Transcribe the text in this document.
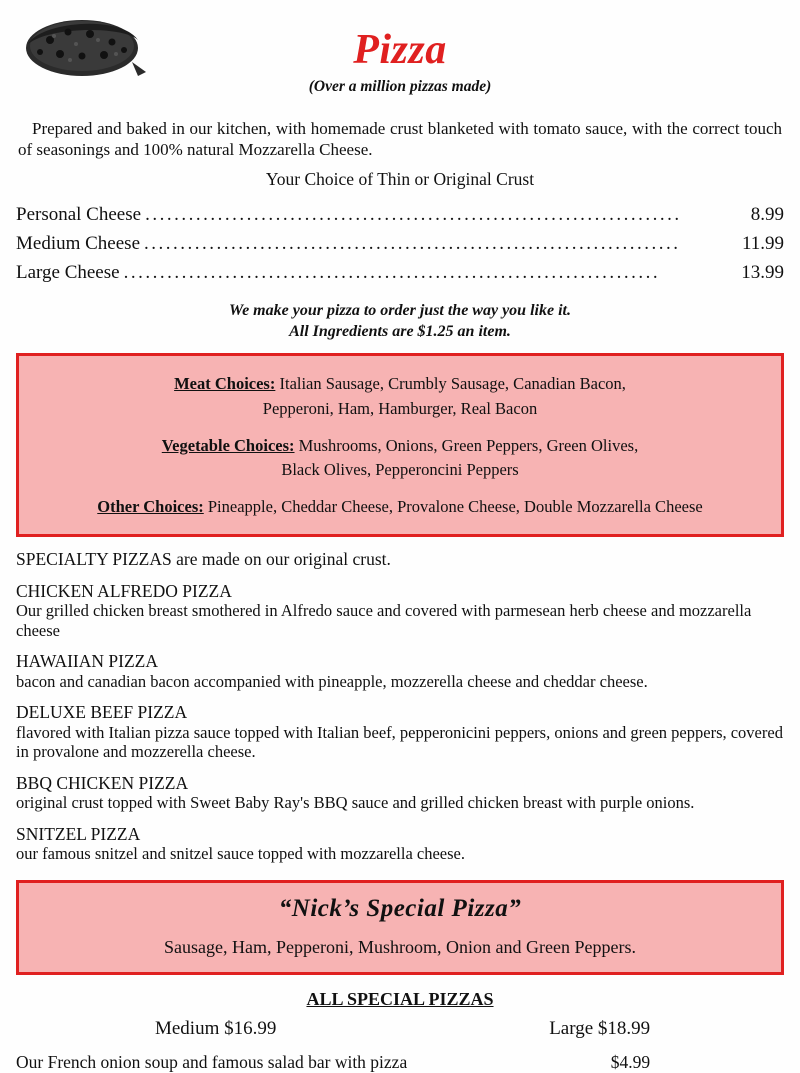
Pizza
(Over a million pizzas made)
Prepared and baked in our kitchen, with homemade crust blanketed with tomato sauce, with the correct touch of seasonings and 100% natural Mozzarella Cheese.
Your Choice of Thin or Original Crust
Personal Cheese ..........................................................................	8.99
Medium Cheese ..........................................................................	11.99
Large Cheese ..........................................................................	13.99
We make your pizza to order just the way you like it.
All Ingredients are $1.25 an item.
Meat Choices: Italian Sausage, Crumbly Sausage, Canadian Bacon,
Pepperoni, Ham, Hamburger, Real Bacon
Vegetable Choices: Mushrooms, Onions, Green Peppers, Green Olives,
Black Olives, Pepperoncini Peppers
Other Choices: Pineapple, Cheddar Cheese, Provalone Cheese, Double Mozzarella Cheese
SPECIALTY PIZZAS are made on our original crust.
CHICKEN ALFREDO PIZZA
Our grilled chicken breast smothered in Alfredo sauce and covered with parmesean herb cheese and mozzarella cheese
HAWAIIAN PIZZA
bacon and canadian bacon accompanied with pineapple, mozzerella cheese and cheddar cheese.
DELUXE BEEF PIZZA
flavored with Italian pizza sauce topped with Italian beef, pepperonicini peppers, onions and green peppers, covered in provalone and mozzerella cheese.
BBQ CHICKEN PIZZA
original crust topped with Sweet Baby Ray's BBQ sauce and grilled chicken breast with purple onions.
SNITZEL PIZZA
our famous snitzel and snitzel sauce topped with mozzarella cheese.
“Nick’s Special Pizza”
Sausage, Ham, Pepperoni, Mushroom, Onion and Green Peppers.
ALL SPECIAL PIZZAS
Medium $16.99	Large $18.99
Our French onion soup and famous salad bar with pizza	$4.99
